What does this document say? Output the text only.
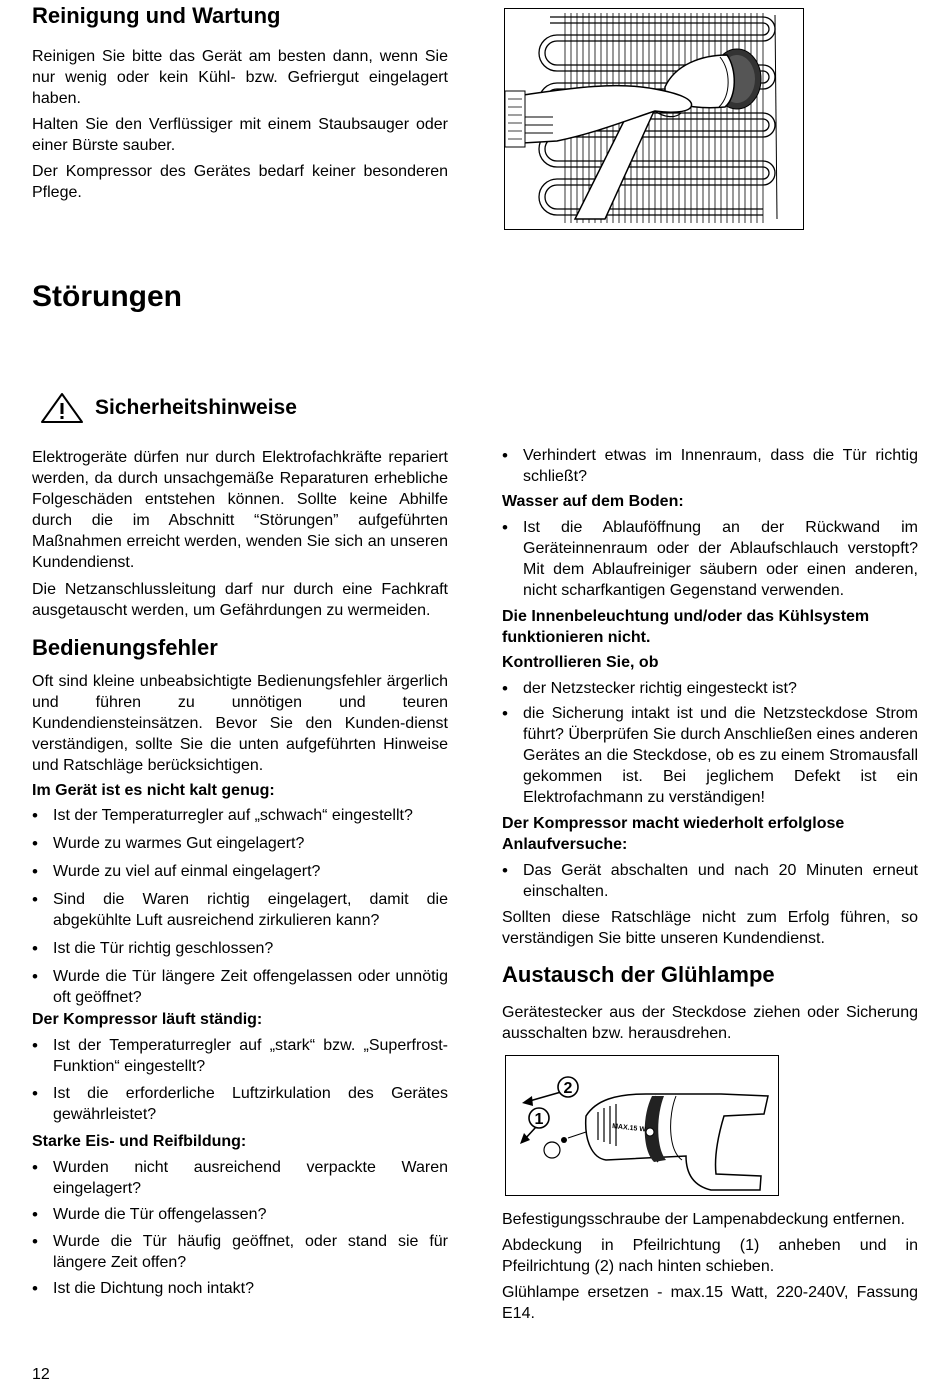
Reinigung und Wartung

Reinigen Sie bitte das Gerät am besten dann, wenn Sie nur wenig oder kein Kühl- bzw. Gefriergut eingelagert haben.

Halten Sie den Verflüssiger mit einem Staubsauger oder einer Bürste sauber.

Der Kompressor des Gerätes bedarf keiner besonderen Pflege.

Störungen
Sicherheitshinweise

Elektrogeräte dürfen nur durch Elektrofachkräfte repariert werden, da durch unsachgemäße Reparaturen erhebliche Folgeschäden entstehen können. Sollte keine Abhilfe durch die im Abschnitt “Störungen” aufgeführten Maßnahmen erreicht werden, wenden Sie sich an unseren Kundendienst.

Die Netzanschlussleitung darf nur durch eine Fachkraft ausgetauscht werden, um Gefährdungen zu wermeiden.

Bedienungsfehler

Oft sind kleine unbeabsichtigte Bedienungsfehler ärgerlich und führen zu unnötigen und teuren Kundendiensteinsätzen. Bevor Sie den Kunden-dienst verständigen, sollte Sie die unten aufgeführten Hinweise und Ratschläge berücksichtigen.

Im Gerät ist es nicht kalt genug:
• Ist der Temperaturregler auf „schwach“ eingestellt?
• Wurde zu warmes Gut eingelagert?
• Wurde zu viel auf einmal eingelagert?
• Sind die Waren richtig eingelagert, damit die abgekühlte Luft ausreichend zirkulieren kann?
• Ist die Tür richtig geschlossen?
• Wurde die Tür längere Zeit offengelassen oder unnötig oft geöffnet?
Der Kompressor läuft ständig:
• Ist der Temperaturregler auf „stark“ bzw. „Superfrost-Funktion“ eingestellt?
• Ist die erforderliche Luftzirkulation des Gerätes gewährleistet?
Starke Eis- und Reifbildung:
• Wurden nicht ausreichend verpackte Waren eingelagert?
• Wurde die Tür offengelassen?
• Wurde die Tür häufig geöffnet, oder stand sie für längere Zeit offen?
• Ist die Dichtung noch intakt?
• Verhindert etwas im Innenraum, dass die Tür richtig schließt?
Wasser auf dem Boden:
• Ist die Ablauföffnung an der Rückwand im Geräteinnenraum oder der Ablaufschlauch verstopft? Mit dem Ablaufreiniger säubern oder einen anderen, nicht scharfkantigen Gegenstand verwenden.
Die Innenbeleuchtung und/oder das Kühlsystem funktionieren nicht.
Kontrollieren Sie, ob
• der Netzstecker richtig eingesteckt ist?
• die Sicherung intakt ist und die Netzsteckdose Strom führt? Überprüfen Sie durch Anschließen eines anderen Gerätes an die Steckdose, ob es zu einem Stromausfall gekommen ist. Bei jeglichem Defekt ist ein Elektrofachmann zu verständigen!
Der Kompressor macht wiederholt erfolglose Anlaufversuche:
• Das Gerät abschalten und nach 20 Minuten erneut einschalten.

Sollten diese Ratschläge nicht zum Erfolg führen, so verständigen Sie bitte unseren Kundendienst.

Austausch der Glühlampe

Gerätestecker aus der Steckdose ziehen oder Sicherung ausschalten bzw. herausdrehen.

2
1
MAX.15 W

Befestigungsschraube der Lampenabdeckung entfernen.

Abdeckung in Pfeilrichtung (1) anheben und in Pfeilrichtung (2) nach hinten schieben.

Glühlampe ersetzen - max.15 Watt, 220-240V, Fassung E14.

12
